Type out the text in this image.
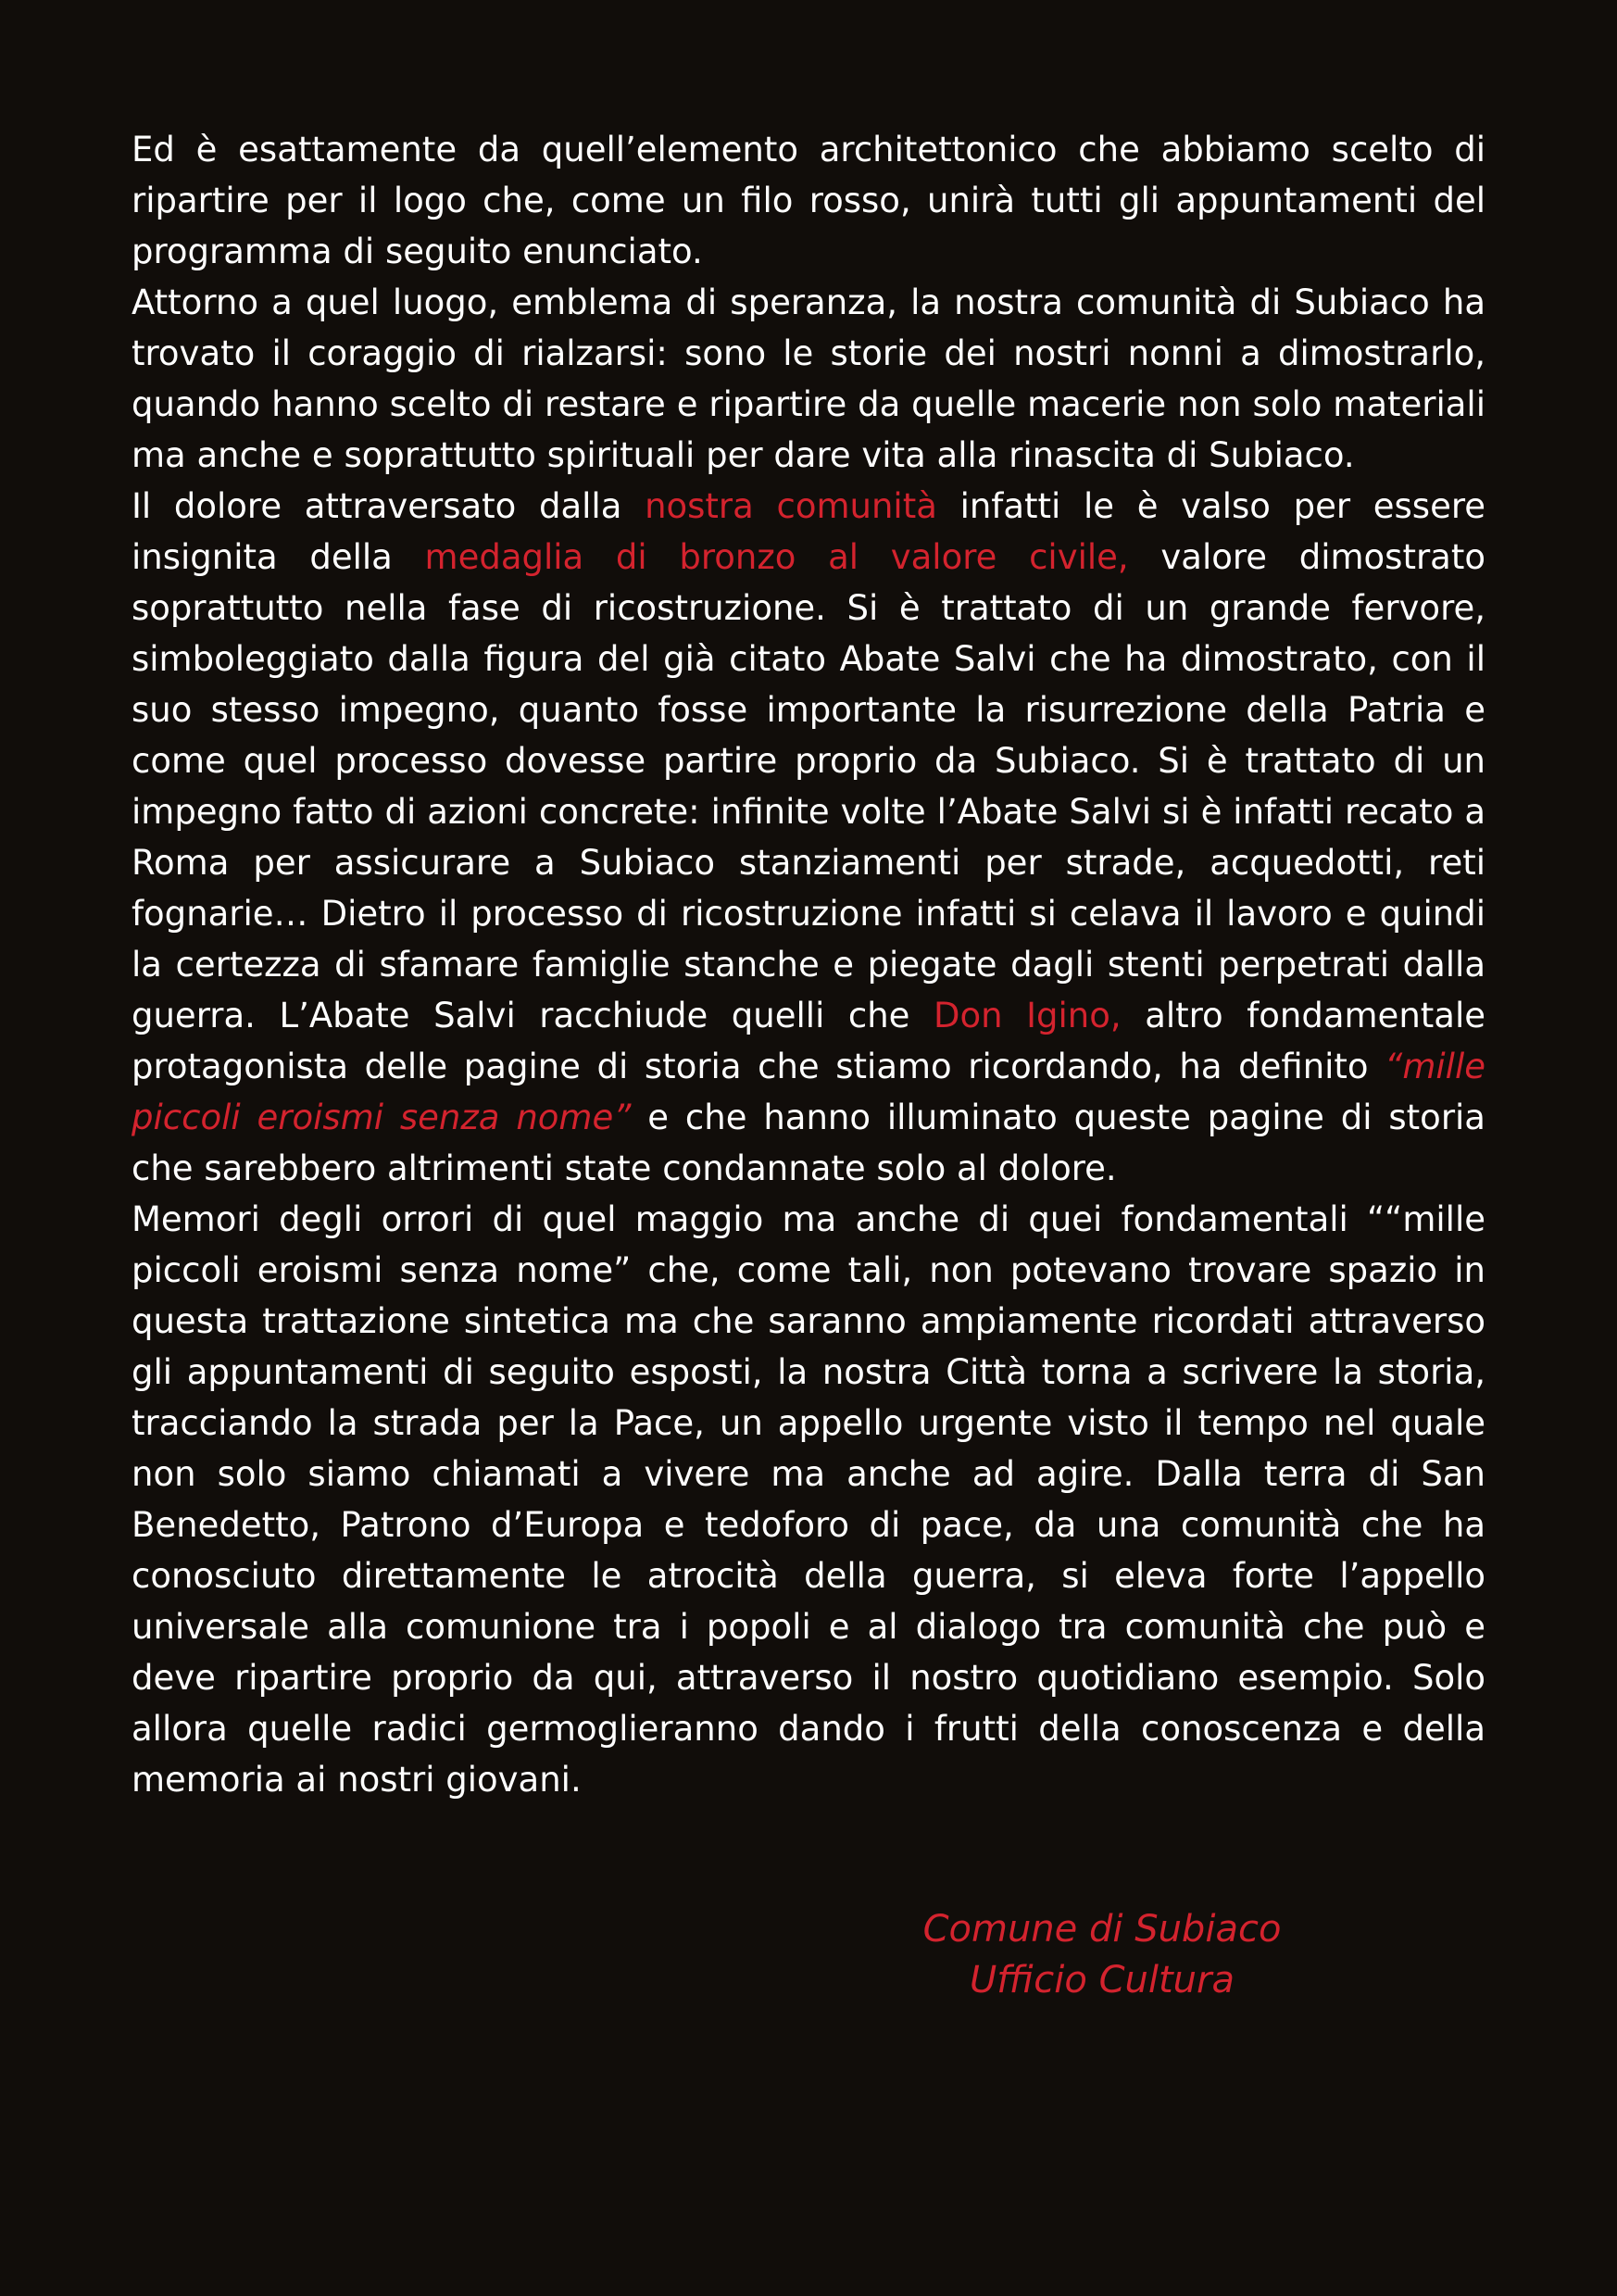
Ed è esattamente da quell’elemento architettonico che abbiamo scelto di ripartire per il logo che, come un filo rosso, unirà tutti gli appuntamenti del programma di seguito enunciato.

Attorno a quel luogo, emblema di speranza, la nostra comunità di Subiaco ha trovato il coraggio di rialzarsi: sono le storie dei nostri nonni a dimostrarlo, quando hanno scelto di restare e ripartire da quelle macerie non solo materiali ma anche e soprattutto spirituali per dare vita alla rinascita di Subiaco.

Il dolore attraversato dalla nostra comunità infatti le è valso per essere insignita della medaglia di bronzo al valore civile, valore dimostrato soprattutto nella fase di ricostruzione. Si è trattato di un grande fervore, simboleggiato dalla figura del già citato Abate Salvi che ha dimostrato, con il suo stesso impegno, quanto fosse importante la risurrezione della Patria e come quel processo dovesse partire proprio da Subiaco. Si è trattato di un impegno fatto di azioni concrete: infinite volte l’Abate Salvi si è infatti recato a Roma per assicurare a Subiaco stanziamenti per strade, acquedotti, reti fognarie… Dietro il processo di ricostruzione infatti si celava il lavoro e quindi la certezza di sfamare famiglie stanche e piegate dagli stenti perpetrati dalla guerra. L’Abate Salvi racchiude quelli che Don Igino, altro fondamentale protagonista delle pagine di storia che stiamo ricordando, ha definito “mille piccoli eroismi senza nome” e che hanno illuminato queste pagine di storia che sarebbero altrimenti state condannate solo al dolore.

Memori degli orrori di quel maggio ma anche di quei fondamentali ““mille piccoli eroismi senza nome” che, come tali, non potevano trovare spazio in questa trattazione sintetica ma che saranno ampiamente ricordati attraverso gli appuntamenti di seguito esposti, la nostra Città torna a scrivere la storia, tracciando la strada per la Pace, un appello urgente visto il tempo nel quale non solo siamo chiamati a vivere ma anche ad agire. Dalla terra di San Benedetto, Patrono d’Europa e tedoforo di pace, da una comunità che ha conosciuto direttamente le atrocità della guerra, si eleva forte l’appello universale alla comunione tra i popoli e al dialogo tra comunità che può e deve ripartire proprio da qui, attraverso il nostro quotidiano esempio. Solo allora quelle radici germoglieranno dando i frutti della conoscenza e della memoria ai nostri giovani.

Comune di Subiaco
Ufficio Cultura
